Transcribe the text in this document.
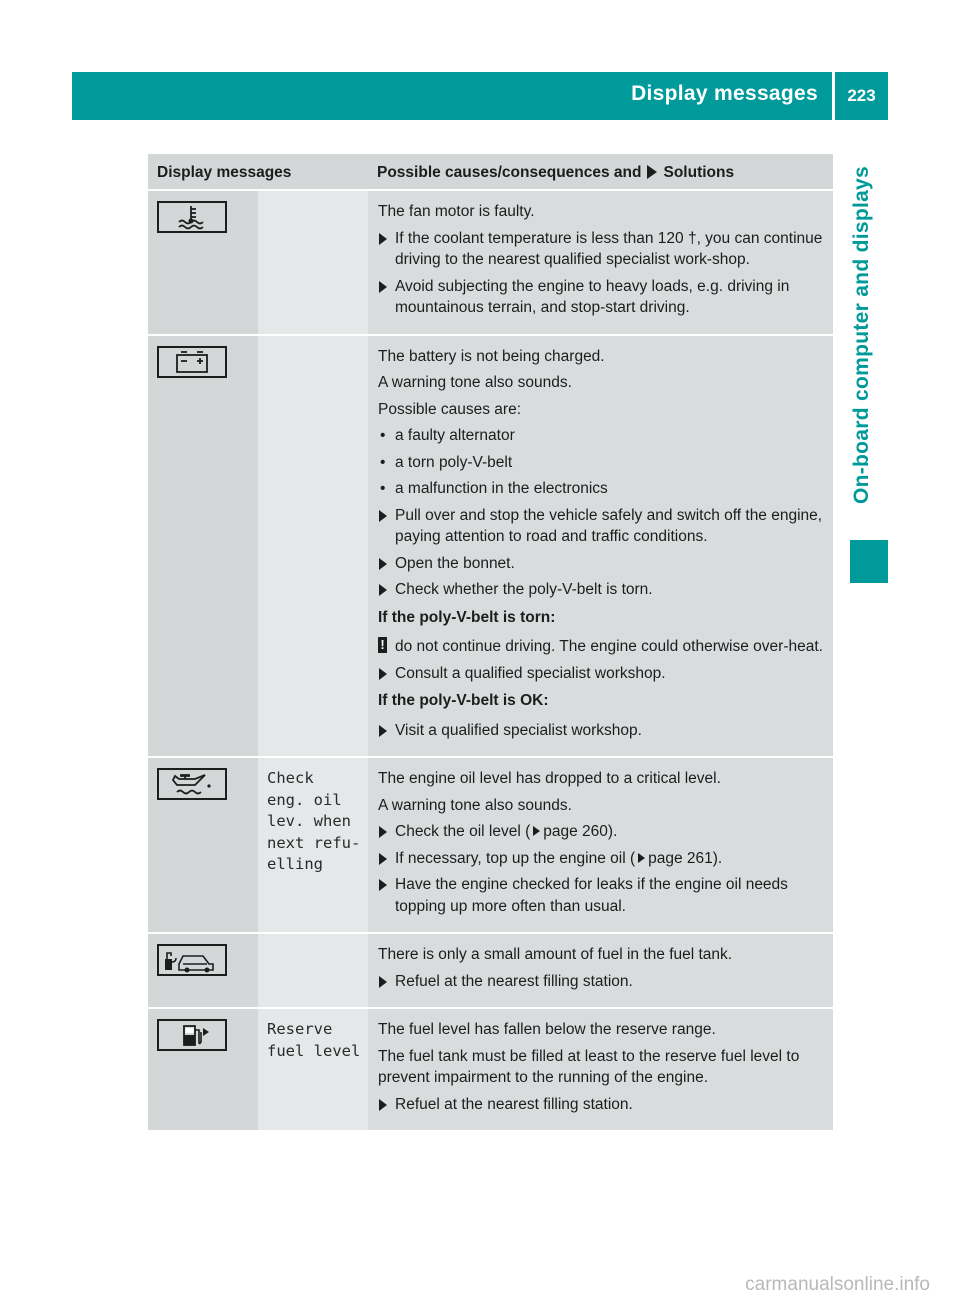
Display messages	223
On-board computer and displays
Display messages	Possible causes/consequences and Solutions
The fan motor is faulty.
If the coolant temperature is less than 120 †, you can continue driving to the nearest qualified specialist work-shop.
Avoid subjecting the engine to heavy loads, e.g. driving in mountainous terrain, and stop-start driving.
The battery is not being charged.
A warning tone also sounds.
Possible causes are:
• a faulty alternator
• a torn poly-V-belt
• a malfunction in the electronics
Pull over and stop the vehicle safely and switch off the engine, paying attention to road and traffic conditions.
Open the bonnet.
Check whether the poly-V-belt is torn.
If the poly-V-belt is torn:
! do not continue driving. The engine could otherwise over-heat.
Consult a qualified specialist workshop.
If the poly-V-belt is OK:
Visit a qualified specialist workshop.
Check
eng. oil
lev. when
next refu‐
elling
The engine oil level has dropped to a critical level.
A warning tone also sounds.
Check the oil level ( page 260).
If necessary, top up the engine oil ( page 261).
Have the engine checked for leaks if the engine oil needs topping up more often than usual.
There is only a small amount of fuel in the fuel tank.
Refuel at the nearest filling station.
Reserve
fuel level
The fuel level has fallen below the reserve range.
The fuel tank must be filled at least to the reserve fuel level to prevent impairment to the running of the engine.
Refuel at the nearest filling station.
carmanualsonline.info
